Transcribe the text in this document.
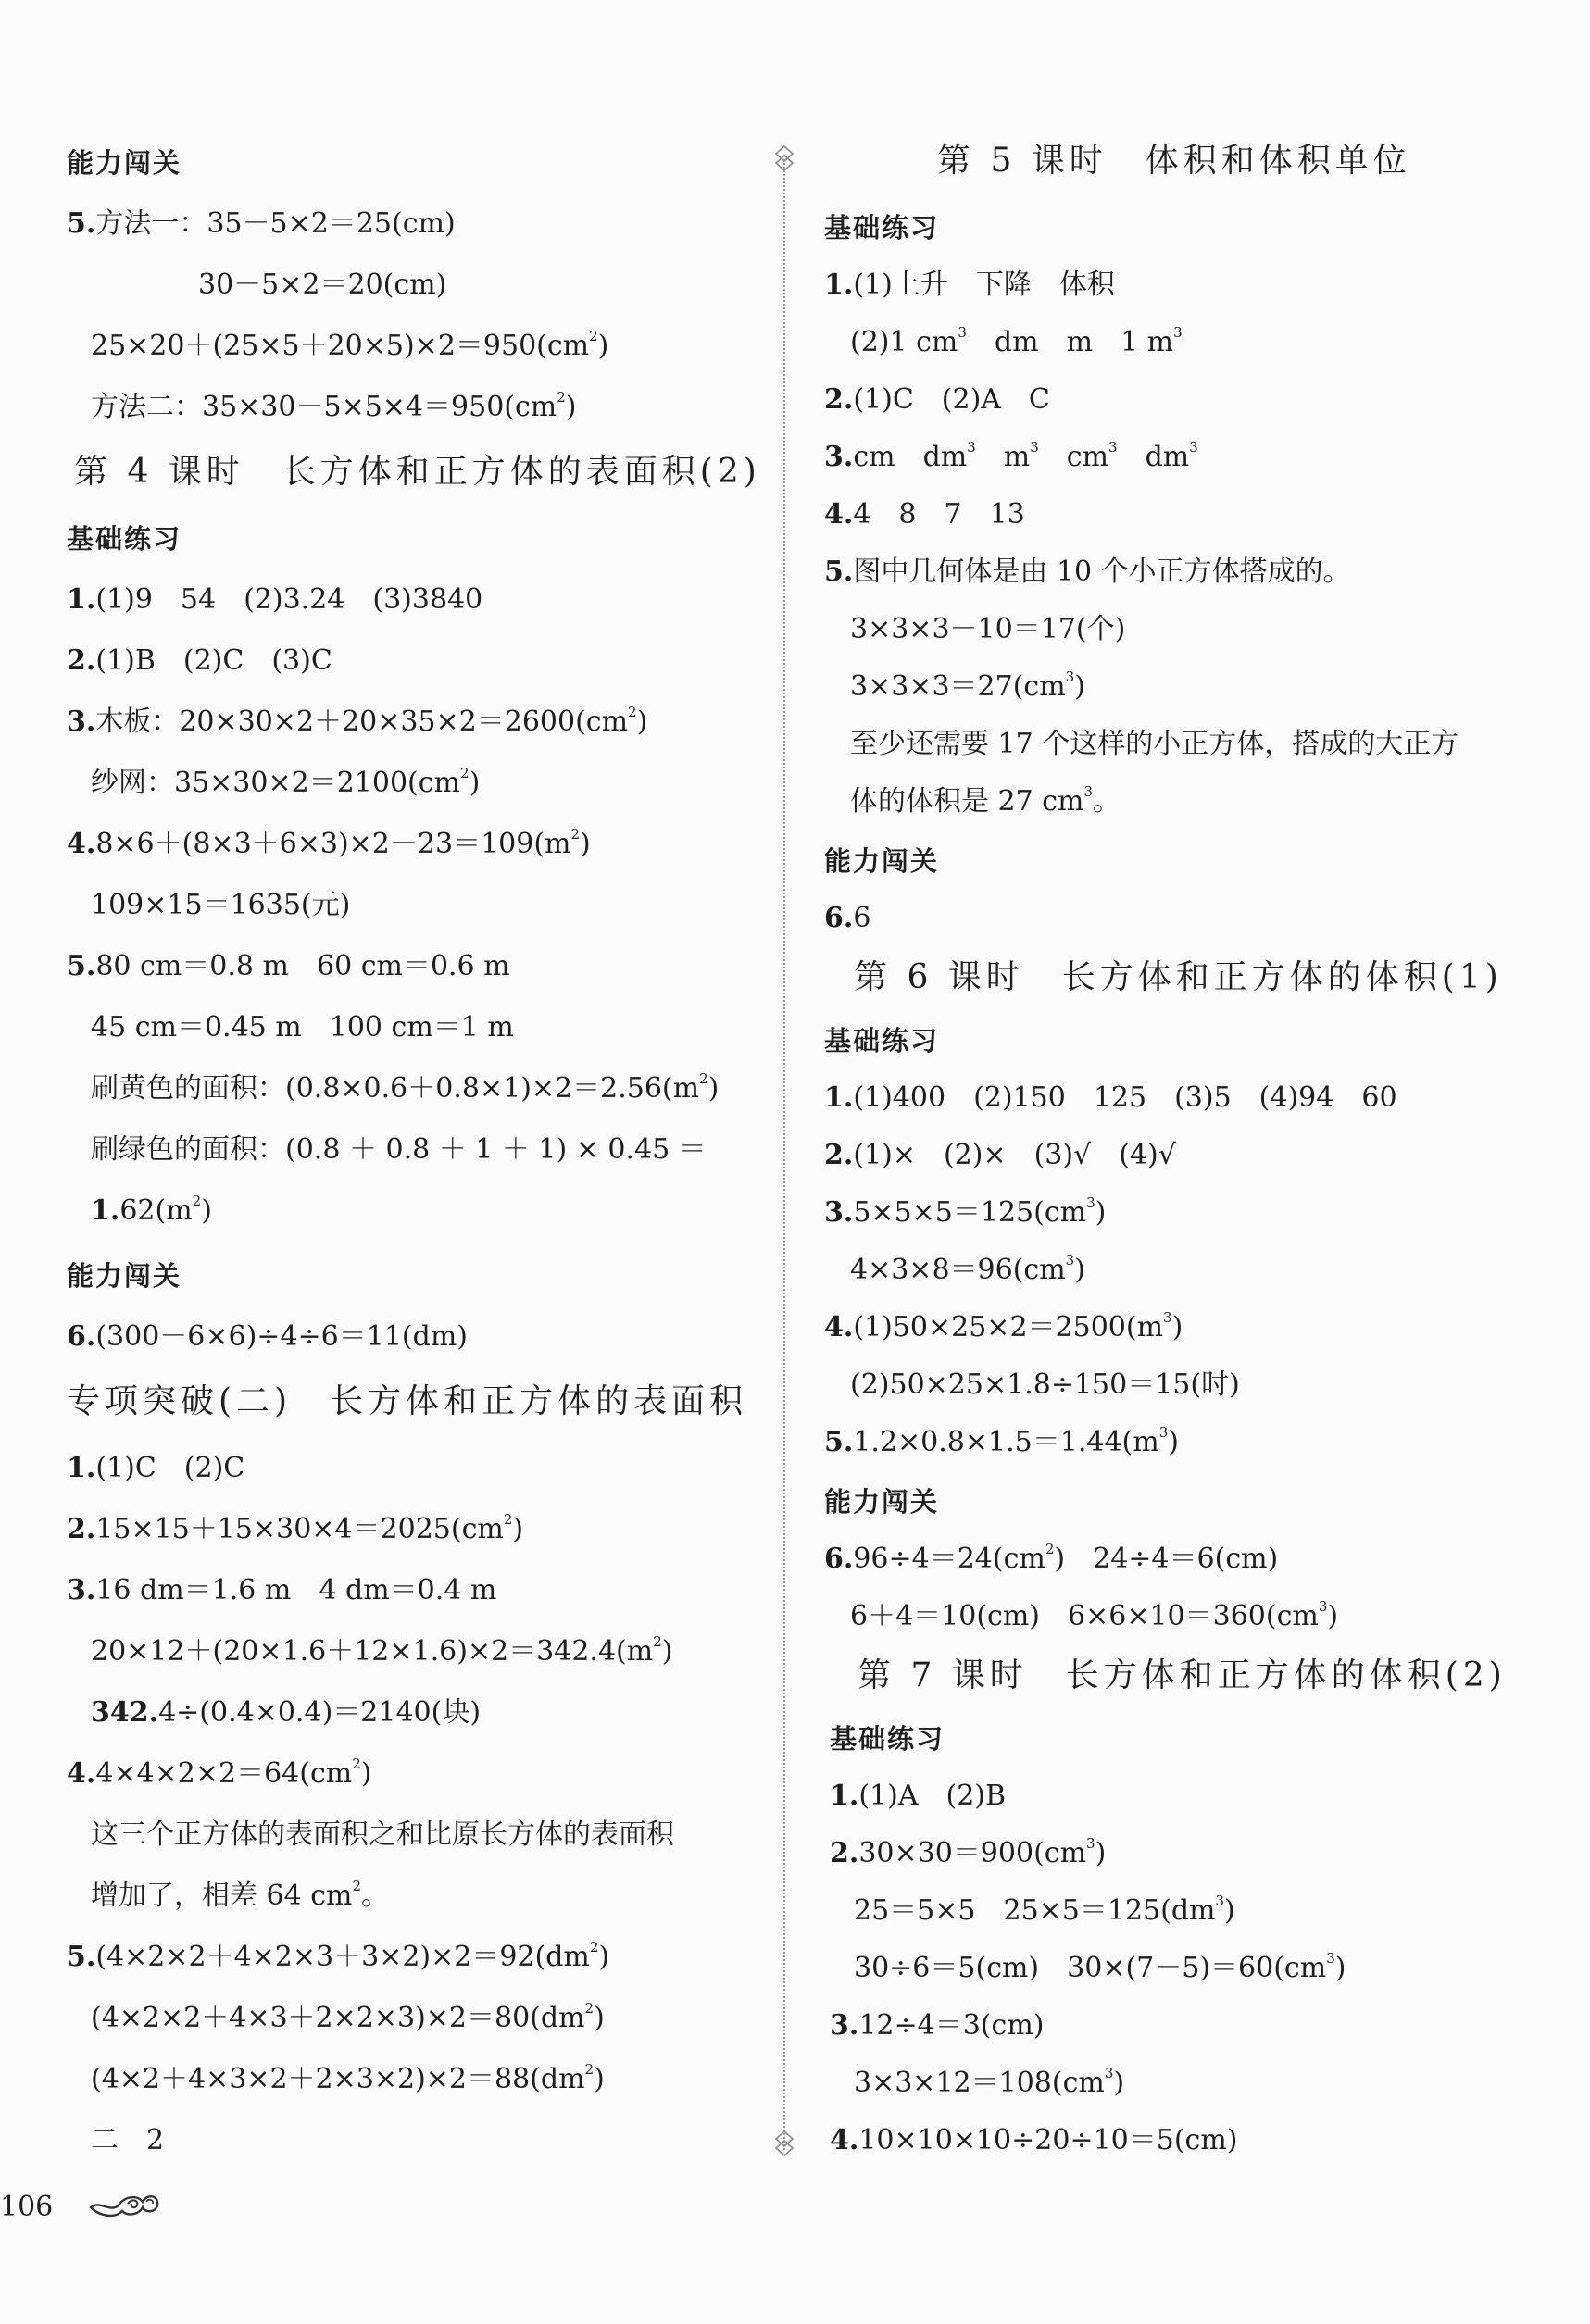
能力闯关
5.方法一：35－5×2＝25(cm)
30－5×2＝20(cm)
$25\times 20+(25\times 5+20\times 5)\times 2=950(cm^2)$
方法二：$35\times 30-5\times 5\times 4=950(cm^2)$
第 4 课时　长方体和正方体的表面积(2)
基础练习
1.(1)9　54　(2)3.24　(3)3840
2.(1)B　(2)C　(3)C
3.木板：$20\times 30\times 2+20\times 35\times 2=2600(cm^2)$
纱网：$35\times 30\times 2=2100(cm^2)$
$4.8\times 6+(8\times 3+6\times 3)\times 2-23=109(m^2)$
109×15＝1635(元)
5.80 cm＝0.8 m　60 cm＝0.6 m
45 cm＝0.45 m　100 cm＝1 m
刷黄色的面积：$(0.8\times 0.6+0.8\times 1)\times 2=2.56(m^2)$
刷绿色的面积：(0.8 ＋ 0.8 ＋ 1 ＋ 1) × 0.45 ＝
$1.62(m^2)$
能力闯关
6.(300－6×6)÷4÷6＝11(dm)
专项突破(二)　长方体和正方体的表面积
1.(1)C　(2)C
$2.15\times 15+15\times 30\times 4=2025(cm^2)$
3.16 dm＝1.6 m　4 dm＝0.4 m
$20\times 12+(20\times 1.6+12\times 1.6)\times 2=342.4(m^2)$
342.4÷(0.4×0.4)＝2140(块)
$4.4\times 4\times 2\times 2=64(cm^2)$
这三个正方体的表面积之和比原长方体的表面积
增加了，相差 64 $cm^2$。
$5.(4\times 2\times 2+4\times 2\times 3+3\times 2)\times 2=92(dm^2)$
$(4\times 2\times 2+4\times 3+2\times 2\times 3)\times 2=80(dm^2)$
$(4\times 2+4\times 3\times 2+2\times 3\times 2)\times 2=88(dm^2)$
二　2
第 5 课时　体积和体积单位
基础练习
1.(1)上升　下降　体积
(2)1 $cm^3$　 dm　m　1 $m^3$
2.(1)C　(2)A　C
3.cm　$dm^3$　 $m^3$　 $cm^3$　 $dm^3$
4.4　8　7　13
5.图中几何体是由 10 个小正方体搭成的。
3×3×3－10＝17(个)
$3\times 3\times 3=27(cm^3)$
至少还需要 17 个这样的小正方体，搭成的大正方
体的体积是 27 $cm^3$。
能力闯关
6.6
第 6 课时　长方体和正方体的体积(1)
基础练习
1.(1)400　(2)150　125　(3)5　(4)94　60
2.(1)×　(2)×　(3)√　(4)√
$3.5\times 5\times 5=125(cm^3)$
$4\times 3\times 8=96(cm^3)$
$4.(1)50\times 25\times 2=2500(m^3)$
(2)50×25×1.8÷150＝15(时)
$5.1.2\times 0.8\times 1.5=1.44(m^3)$
能力闯关
$6.96\div 4=24(cm^2)$　 24÷4＝6(cm)
6＋4＝10(cm)　 $6\times 6\times 10=360(cm^3)$
第 7 课时　长方体和正方体的体积(2)
基础练习
1.(1)A　(2)B
$2.30\times 30=900(cm^3)$
25＝5×5　 $25\times 5=125(dm^3)$
30÷6＝5(cm)　 $30\times(7-5)=60(cm^3)$
3.12÷4＝3(cm)
$3\times 3\times 12=108(cm^3)$
4.10×10×10÷20÷10＝5(cm)
106
